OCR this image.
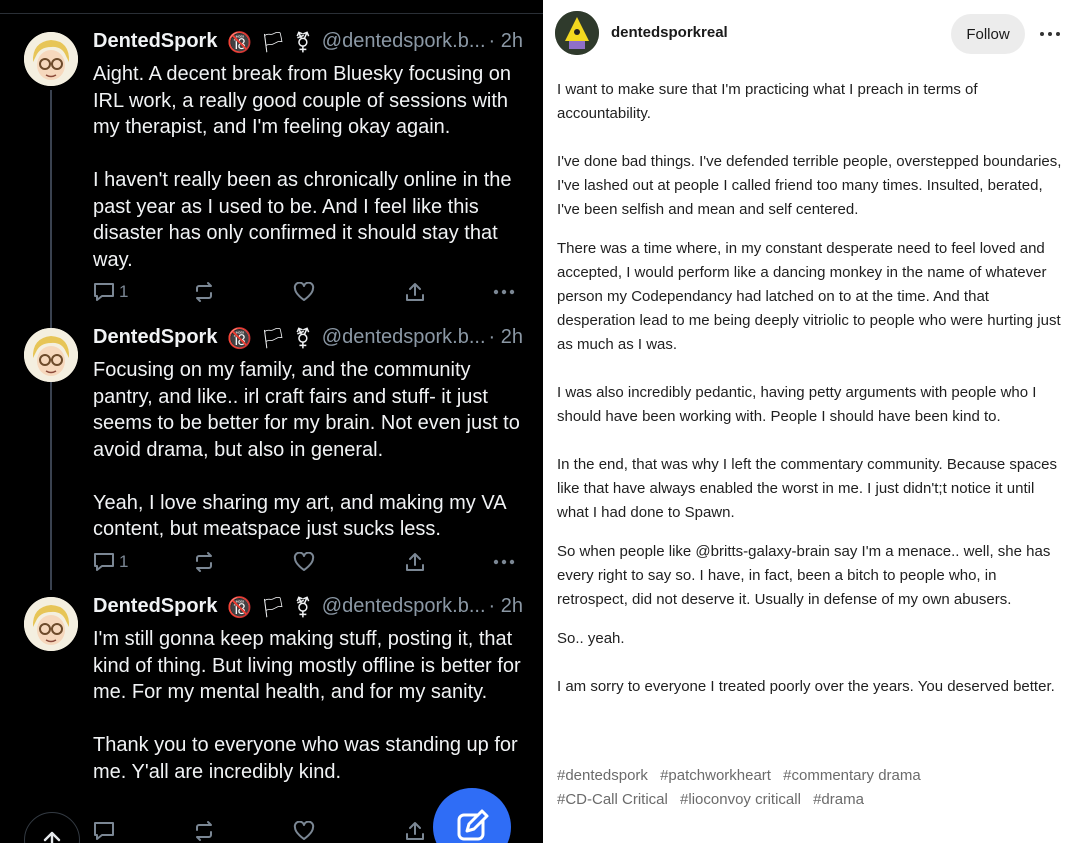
DentedSpork 🔞 🏳 ⚧ @dentedspork.b... · 2h

Aight. A decent break from Bluesky focusing on IRL work, a really good couple of sessions with my therapist, and I'm feeling okay again.

I haven't really been as chronically online in the past year as I used to be. And I feel like this disaster has only confirmed it should stay that way.

1
DentedSpork 🔞 🏳 ⚧ @dentedspork.b... · 2h

Focusing on my family, and the community pantry, and like.. irl craft fairs and stuff- it just seems to be better for my brain. Not even just to avoid drama, but also in general.

Yeah, I love sharing my art, and making my VA content, but meatspace just sucks less.

1
DentedSpork 🔞 🏳 ⚧ @dentedspork.b... · 2h

I'm still gonna keep making stuff, posting it, that kind of thing. But living mostly offline is better for me. For my mental health, and for my sanity.

Thank you to everyone who was standing up for me. Y'all are incredibly kind.

dentedsporkreal	Follow

I want to make sure that I'm practicing what I preach in terms of accountability.

I've done bad things. I've defended terrible people, overstepped boundaries, I've lashed out at people I called friend too many times. Insulted, berated, I've been selfish and mean and self centered.

There was a time where, in my constant desperate need to feel loved and accepted, I would perform like a dancing monkey in the name of whatever person my Codependancy had latched on to at the time. And that desperation lead to me being deeply vitriolic to people who were hurting just as much as I was.

I was also incredibly pedantic, having petty arguments with people who I should have been working with. People I should have been kind to.

In the end, that was why I left the commentary community. Because spaces like that have always enabled the worst in me. I just didn't;t notice it until what I had done to Spawn.

So when people like @britts-galaxy-brain say I'm a menace.. well, she has every right to say so. I have, in fact, been a bitch to people who, in retrospect, did not deserve it. Usually in defense of my own abusers.

So.. yeah.

I am sorry to everyone I treated poorly over the years. You deserved better.

#dentedspork #patchworkheart #commentary drama
#CD-Call Critical #lioconvoy criticall #drama
